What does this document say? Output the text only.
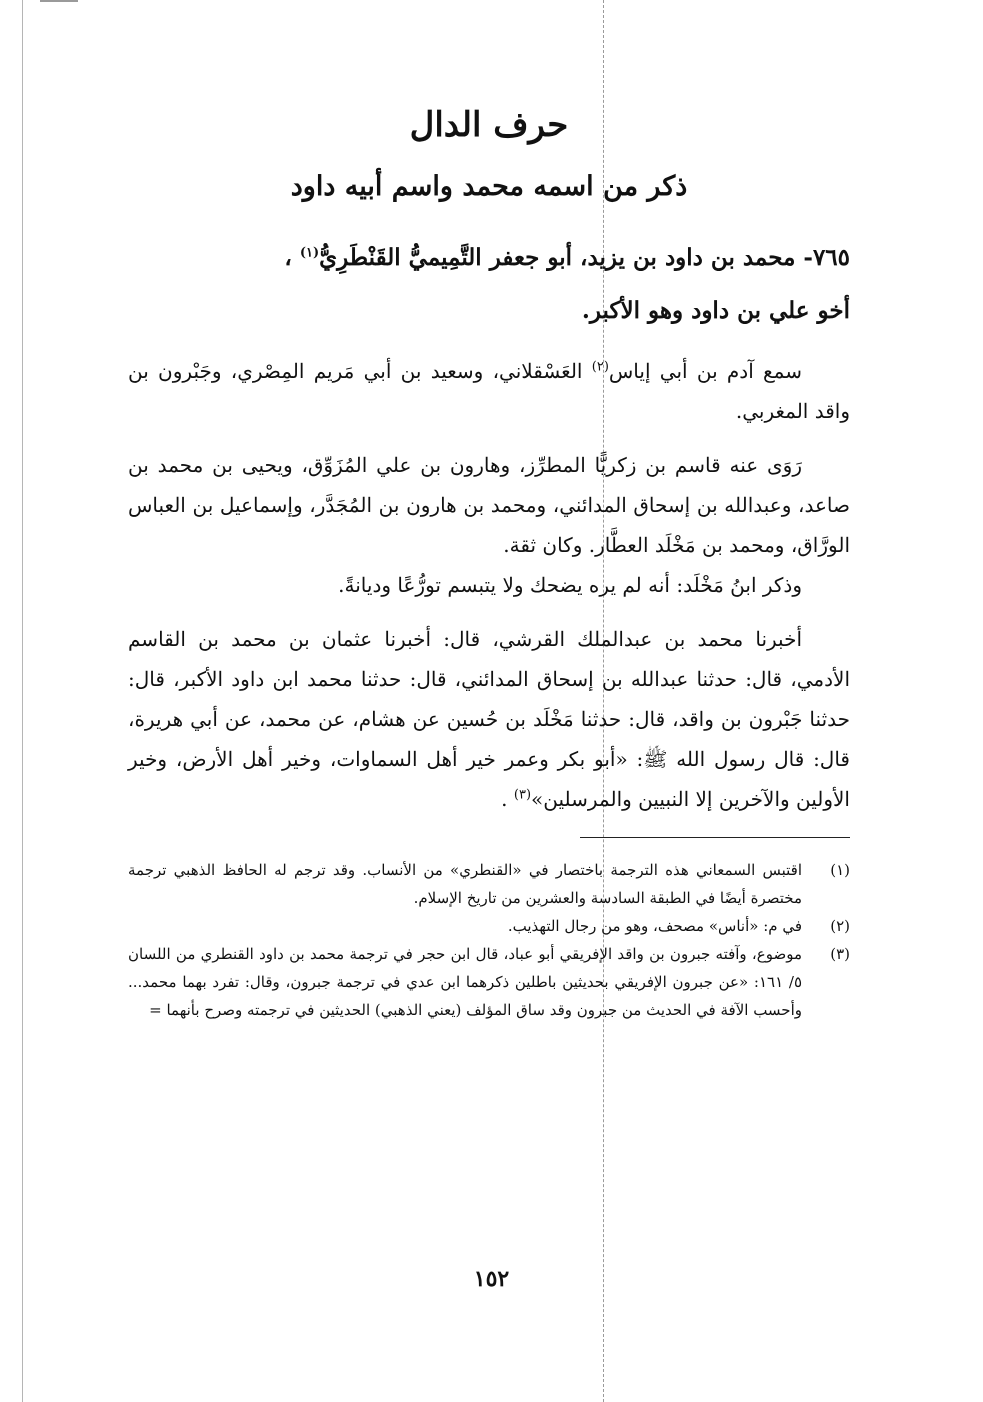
حرف الدال
ذكر من اسمه محمد واسم أبيه داود
٧٦٥- محمد بن داود بن يزيد، أبو جعفر التَّمِيميُّ القَنْطَرِيُّ$^{(١)}$ ،
أخو علي بن داود وهو الأكبر.

سمع آدم بن أبي إياس$^{(٢)}$ العَسْقلاني، وسعيد بن أبي مَريم المِصْري، وجَبْرون بن واقد المغربي.

رَوَى عنه قاسم بن زكريًّا المطرِّز، وهارون بن علي المُزَوِّق، ويحيى بن محمد بن صاعد، وعبدالله بن إسحاق المدائني، ومحمد بن هارون بن المُجَدَّر، وإسماعيل بن العباس الورَّاق، ومحمد بن مَخْلَد العطَّار. وكان ثقة.

وذكر ابنُ مَخْلَد: أنه لم يره يضحك ولا يتبسم تورُّعًا وديانةً.

أخبرنا محمد بن عبدالملك القرشي، قال: أخبرنا عثمان بن محمد بن القاسم الأدمي، قال: حدثنا عبدالله بن إسحاق المدائني، قال: حدثنا محمد ابن داود الأكبر، قال: حدثنا جَبْرون بن واقد، قال: حدثنا مَخْلَد بن حُسين عن هشام، عن محمد، عن أبي هريرة، قال: قال رسول الله ﷺ: «أبو بكر وعمر خير أهل السماوات، وخير أهل الأرض، وخير الأولين والآخرين إلا النبيين والمرسلين»$^{(٣)}$ .

(١)
اقتبس السمعاني هذه الترجمة باختصار في «القنطري» من الأنساب. وقد ترجم له الحافظ الذهبي ترجمة مختصرة أيضًا في الطبقة السادسة والعشرين من تاريخ الإسلام.
(٢)
في م: «أناس» مصحف، وهو من رجال التهذيب.
(٣)
موضوع، وآفته جبرون بن واقد الإفريقي أبو عباد، قال ابن حجر في ترجمة محمد بن داود القنطري من اللسان ٥/ ١٦١: «عن جبرون الإفريقي بحديثين باطلين ذكرهما ابن عدي في ترجمة جبرون، وقال: تفرد بهما محمد... وأحسب الآفة في الحديث من جبرون وقد ساق المؤلف (يعني الذهبي) الحديثين في ترجمته وصرح بأنهما =
١٥٢
